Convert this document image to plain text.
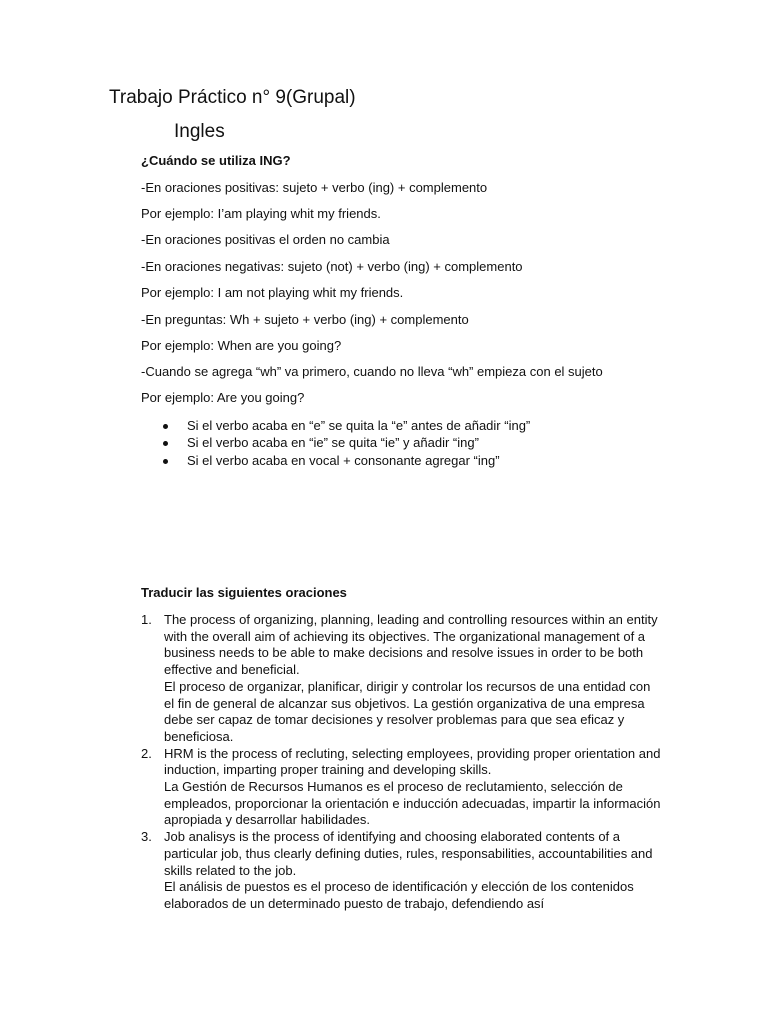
Trabajo Práctico n° 9(Grupal)
Ingles
¿Cuándo se utiliza ING?
-En oraciones positivas: sujeto + verbo (ing) + complemento
Por ejemplo: I’am playing whit my friends.
-En oraciones positivas el orden no cambia
-En oraciones negativas: sujeto (not) + verbo (ing) + complemento
Por ejemplo: I am not playing whit my friends.
-En preguntas: Wh + sujeto + verbo (ing) + complemento
Por ejemplo: When are you going?
-Cuando se agrega “wh” va primero, cuando no lleva “wh” empieza con el sujeto
Por ejemplo: Are you going?
Si el verbo acaba en “e” se quita la “e” antes de añadir “ing”
Si el verbo acaba en “ie” se quita “ie” y añadir “ing”
Si el verbo acaba en vocal + consonante agregar “ing”
Traducir las siguientes oraciones
1. The process of organizing, planning, leading and controlling resources within an entity with the overall aim of achieving its objectives. The organizational management of a business needs to be able to make decisions and resolve issues in order to be both effective and beneficial.
El proceso de organizar, planificar, dirigir y controlar los recursos de una entidad con el fin de general de alcanzar sus objetivos. La gestión organizativa de una empresa debe ser capaz de tomar decisiones y resolver problemas para que sea eficaz y beneficiosa.
2. HRM is the process of recluting, selecting employees, providing proper orientation and induction, imparting proper training and developing skills.
La Gestión de Recursos Humanos es el proceso de reclutamiento, selección de empleados, proporcionar la orientación e inducción adecuadas, impartir la información apropiada y desarrollar habilidades.
3. Job analisys is the process of identifying and choosing elaborated contents of a particular job, thus clearly defining duties, rules, responsabilities, accountabilities and skills related to the job.
El análisis de puestos es el proceso de identificación y elección de los contenidos elaborados de un determinado puesto de trabajo, defendiendo así
